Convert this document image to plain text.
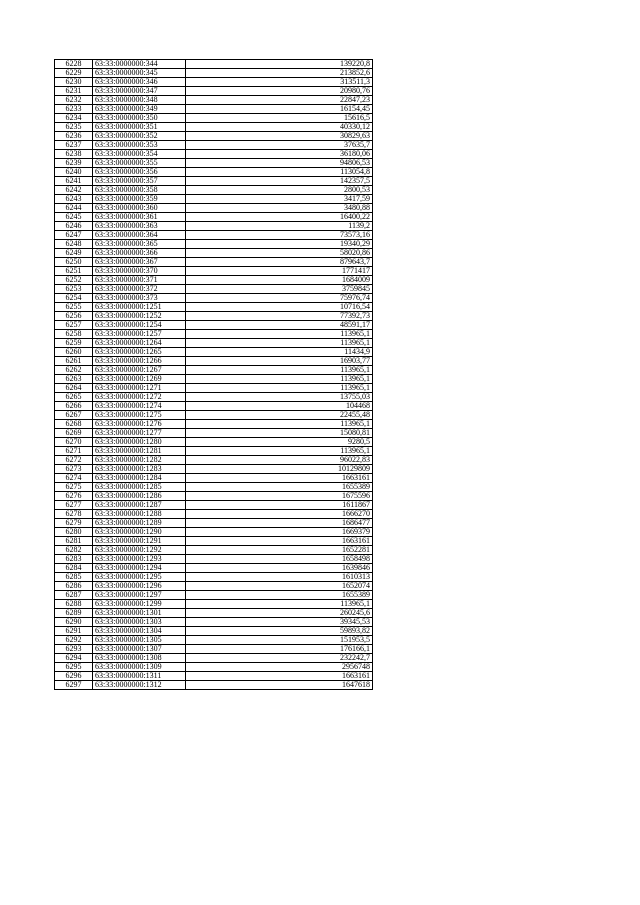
6228	63:33:0000000:344	139220,8
6229	63:33:0000000:345	213852,6
6230	63:33:0000000:346	313511,3
6231	63:33:0000000:347	20980,76
6232	63:33:0000000:348	22847,23
6233	63:33:0000000:349	16154,45
6234	63:33:0000000:350	15616,5
6235	63:33:0000000:351	40330,12
6236	63:33:0000000:352	30829,63
6237	63:33:0000000:353	37635,7
6238	63:33:0000000:354	36180,06
6239	63:33:0000000:355	94806,53
6240	63:33:0000000:356	113054,8
6241	63:33:0000000:357	142357,5
6242	63:33:0000000:358	2800,53
6243	63:33:0000000:359	3417,59
6244	63:33:0000000:360	3480,88
6245	63:33:0000000:361	16400,22
6246	63:33:0000000:363	1139,2
6247	63:33:0000000:364	73573,16
6248	63:33:0000000:365	19340,29
6249	63:33:0000000:366	58020,86
6250	63:33:0000000:367	879643,7
6251	63:33:0000000:370	1771417
6252	63:33:0000000:371	1684009
6253	63:33:0000000:372	3759845
6254	63:33:0000000:373	75976,74
6255	63:33:0000000:1251	10716,54
6256	63:33:0000000:1252	77392,73
6257	63:33:0000000:1254	48591,17
6258	63:33:0000000:1257	113965,1
6259	63:33:0000000:1264	113965,1
6260	63:33:0000000:1265	11434,9
6261	63:33:0000000:1266	16903,77
6262	63:33:0000000:1267	113965,1
6263	63:33:0000000:1269	113965,1
6264	63:33:0000000:1271	113965,1
6265	63:33:0000000:1272	13755,03
6266	63:33:0000000:1274	104468
6267	63:33:0000000:1275	22455,48
6268	63:33:0000000:1276	113965,1
6269	63:33:0000000:1277	15080,81
6270	63:33:0000000:1280	9280,5
6271	63:33:0000000:1281	113965,1
6272	63:33:0000000:1282	96022,83
6273	63:33:0000000:1283	10129809
6274	63:33:0000000:1284	1663161
6275	63:33:0000000:1285	1655389
6276	63:33:0000000:1286	1675596
6277	63:33:0000000:1287	1611867
6278	63:33:0000000:1288	1666270
6279	63:33:0000000:1289	1686477
6280	63:33:0000000:1290	1669379
6281	63:33:0000000:1291	1663161
6282	63:33:0000000:1292	1652281
6283	63:33:0000000:1293	1658498
6284	63:33:0000000:1294	1639846
6285	63:33:0000000:1295	1610313
6286	63:33:0000000:1296	1652074
6287	63:33:0000000:1297	1655389
6288	63:33:0000000:1299	113965,1
6289	63:33:0000000:1301	260245,6
6290	63:33:0000000:1303	39345,53
6291	63:33:0000000:1304	59893,82
6292	63:33:0000000:1305	151953,5
6293	63:33:0000000:1307	176166,1
6294	63:33:0000000:1308	232242,7
6295	63:33:0000000:1309	2956748
6296	63:33:0000000:1311	1663161
6297	63:33:0000000:1312	1647618
